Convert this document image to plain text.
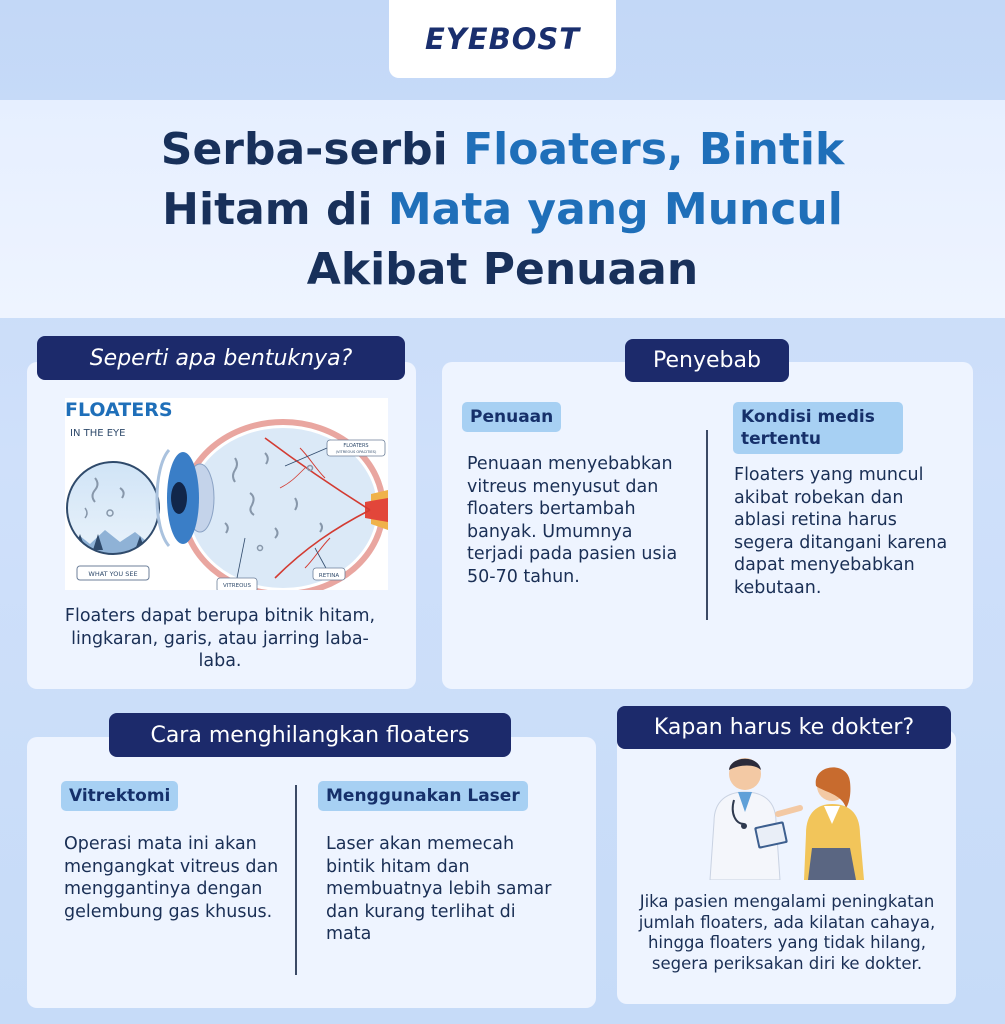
EYEBOST
Serba-serbi Floaters, Bintik
Hitam di Mata yang Muncul
Akibat Penuaan
Seperti apa bentuknya?
WHAT YOU SEE
FLOATERS
IN THE EYE
FLOATERS
(VITREOUS OPACITIES)
VITREOUS
RETINA
Floaters dapat berupa bitnik hitam, lingkaran, garis, atau jarring laba-laba.
Penyebab
Penuaan
Penuaan menyebabkan vitreus menyusut dan floaters bertambah banyak. Umumnya terjadi pada pasien usia 50-70 tahun.
Kondisi medis
tertentu
Floaters yang muncul akibat robekan dan ablasi retina harus segera ditangani karena dapat menyebabkan kebutaan.
Cara menghilangkan floaters
Vitrektomi
Operasi mata ini akan mengangkat vitreus dan menggantinya dengan gelembung gas khusus.
Menggunakan Laser
Laser akan memecah bintik hitam dan membuatnya lebih samar dan kurang terlihat di mata
Kapan harus ke dokter?
Jika pasien mengalami peningkatan jumlah floaters, ada kilatan cahaya, hingga floaters yang tidak hilang, segera periksakan diri ke dokter.
